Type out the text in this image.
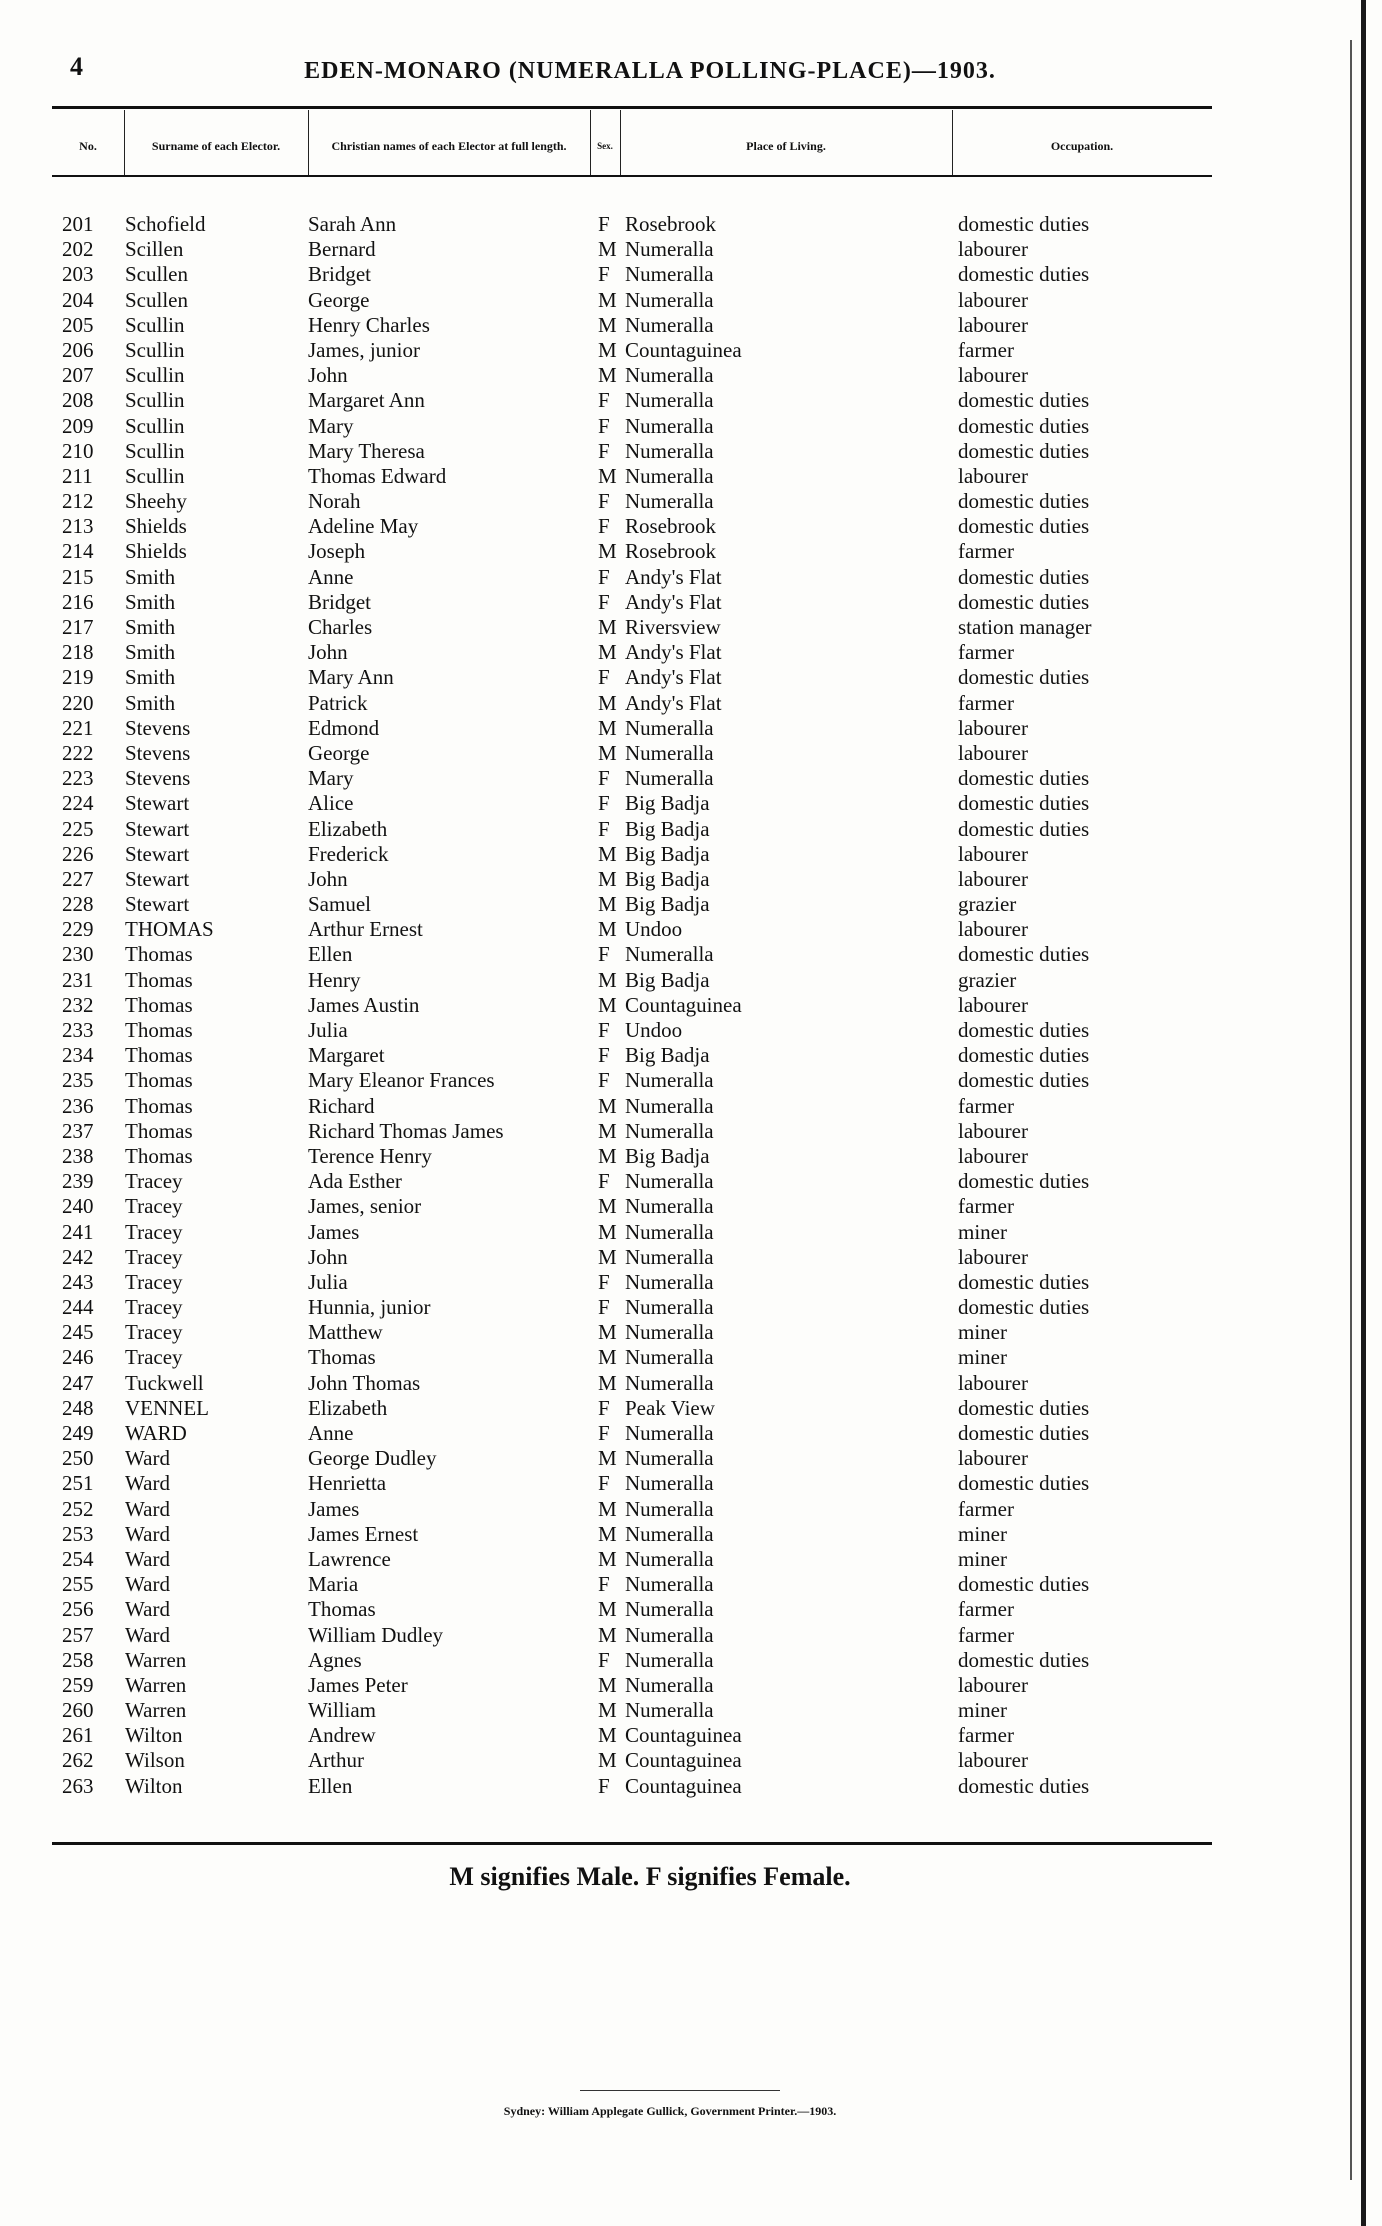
4	EDEN-MONARO (NUMERALLA POLLING-PLACE)—1903.
No.	Surname of each Elector.	Christian names of each Elector at full length.	Sex.	Place of Living.	Occupation.
201 Schofield	Sarah Ann	F Rosebrook	domestic duties
202 Scillen	Bernard	M Numeralla	labourer
203 Scullen	Bridget	F Numeralla	domestic duties
204 Scullen	George	M Numeralla	labourer
205 Scullin	Henry Charles	M Numeralla	labourer
206 Scullin	James, junior	M Countaguinea	farmer
207 Scullin	John	M Numeralla	labourer
208 Scullin	Margaret Ann	F Numeralla	domestic duties
209 Scullin	Mary	F Numeralla	domestic duties
210 Scullin	Mary Theresa	F Numeralla	domestic duties
211 Scullin	Thomas Edward	M Numeralla	labourer
212 Sheehy	Norah	F Numeralla	domestic duties
213 Shields	Adeline May	F Rosebrook	domestic duties
214 Shields	Joseph	M Rosebrook	farmer
215 Smith	Anne	F Andy's Flat	domestic duties
216 Smith	Bridget	F Andy's Flat	domestic duties
217 Smith	Charles	M Riversview	station manager
218 Smith	John	M Andy's Flat	farmer
219 Smith	Mary Ann	F Andy's Flat	domestic duties
220 Smith	Patrick	M Andy's Flat	farmer
221 Stevens	Edmond	M Numeralla	labourer
222 Stevens	George	M Numeralla	labourer
223 Stevens	Mary	F Numeralla	domestic duties
224 Stewart	Alice	F Big Badja	domestic duties
225 Stewart	Elizabeth	F Big Badja	domestic duties
226 Stewart	Frederick	M Big Badja	labourer
227 Stewart	John	M Big Badja	labourer
228 Stewart	Samuel	M Big Badja	grazier
229 THOMAS	Arthur Ernest	M Undoo	labourer
230 Thomas	Ellen	F Numeralla	domestic duties
231 Thomas	Henry	M Big Badja	grazier
232 Thomas	James Austin	M Countaguinea	labourer
233 Thomas	Julia	F Undoo	domestic duties
234 Thomas	Margaret	F Big Badja	domestic duties
235 Thomas	Mary Eleanor Frances	F Numeralla	domestic duties
236 Thomas	Richard	M Numeralla	farmer
237 Thomas	Richard Thomas James	M Numeralla	labourer
238 Thomas	Terence Henry	M Big Badja	labourer
239 Tracey	Ada Esther	F Numeralla	domestic duties
240 Tracey	James, senior	M Numeralla	farmer
241 Tracey	James	M Numeralla	miner
242 Tracey	John	M Numeralla	labourer
243 Tracey	Julia	F Numeralla	domestic duties
244 Tracey	Hunnia, junior	F Numeralla	domestic duties
245 Tracey	Matthew	M Numeralla	miner
246 Tracey	Thomas	M Numeralla	miner
247 Tuckwell	John Thomas	M Numeralla	labourer
248 VENNEL	Elizabeth	F Peak View	domestic duties
249 WARD	Anne	F Numeralla	domestic duties
250 Ward	George Dudley	M Numeralla	labourer
251 Ward	Henrietta	F Numeralla	domestic duties
252 Ward	James	M Numeralla	farmer
253 Ward	James Ernest	M Numeralla	miner
254 Ward	Lawrence	M Numeralla	miner
255 Ward	Maria	F Numeralla	domestic duties
256 Ward	Thomas	M Numeralla	farmer
257 Ward	William Dudley	M Numeralla	farmer
258 Warren	Agnes	F Numeralla	domestic duties
259 Warren	James Peter	M Numeralla	labourer
260 Warren	William	M Numeralla	miner
261 Wilton	Andrew	M Countaguinea	farmer
262 Wilson	Arthur	M Countaguinea	labourer
263 Wilton	Ellen	F Countaguinea	domestic duties
M signifies Male. F signifies Female.
Sydney: William Applegate Gullick, Government Printer.—1903.
